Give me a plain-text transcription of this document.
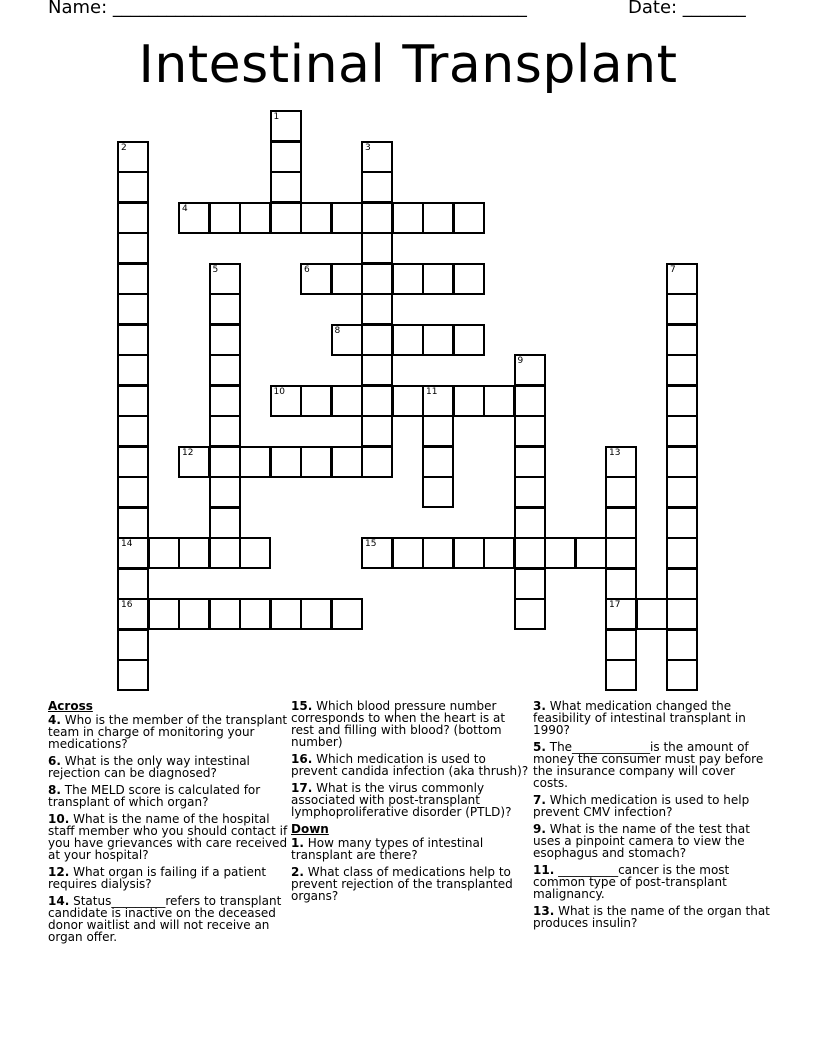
Name: ______________________________________________	Date: _______
Intestinal Transplant
1
2
14
16
3
4
5	6	7
8
9
10	11
12	13
17
15
Across
4. Who is the member of the transplant team in charge of monitoring your medications?
6. What is the only way intestinal rejection can be diagnosed?
8. The MELD score is calculated for transplant of which organ?
10. What is the name of the hospital staff member who you should contact if you have grievances with care received at your hospital?
12. What organ is failing if a patient requires dialysis?
14. Status_________refers to transplant candidate is inactive on the deceased donor waitlist and will not receive an organ offer.
15. Which blood pressure number corresponds to when the heart is at rest and filling with blood? (bottom number)
16. Which medication is used to prevent candida infection (aka thrush)?
17. What is the virus commonly associated with post-transplant lymphoproliferative disorder (PTLD)?
Down
1. How many types of intestinal transplant are there?
2. What class of medications help to prevent rejection of the transplanted organs?
3. What medication changed the feasibility of intestinal transplant in 1990?
5. The_____________is the amount of money the consumer must pay before the insurance company will cover costs.
7. Which medication is used to help prevent CMV infection?
9. What is the name of the test that uses a pinpoint camera to view the esophagus and stomach?
11. __________cancer is the most common type of post-transplant malignancy.
13. What is the name of the organ that produces insulin?
